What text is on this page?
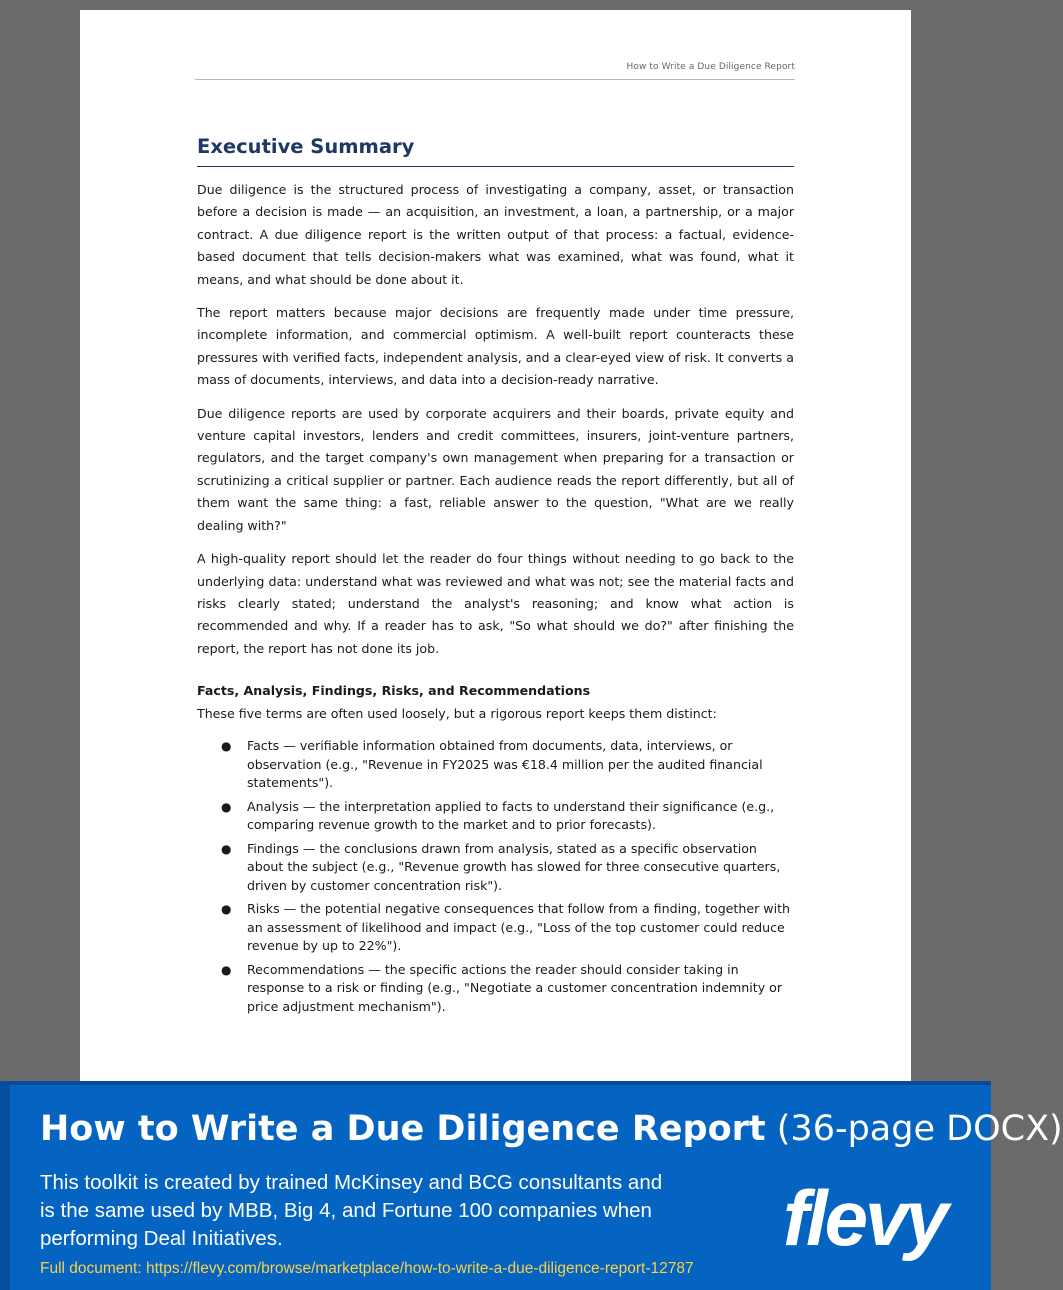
How to Write a Due Diligence Report
Executive Summary

Due diligence is the structured process of investigating a company, asset, or transaction before a decision is made — an acquisition, an investment, a loan, a partnership, or a major contract. A due diligence report is the written output of that process: a factual, evidence-based document that tells decision-makers what was examined, what was found, what it means, and what should be done about it.

The report matters because major decisions are frequently made under time pressure, incomplete information, and commercial optimism. A well-built report counteracts these pressures with verified facts, independent analysis, and a clear-eyed view of risk. It converts a mass of documents, interviews, and data into a decision-ready narrative.

Due diligence reports are used by corporate acquirers and their boards, private equity and venture capital investors, lenders and credit committees, insurers, joint-venture partners, regulators, and the target company's own management when preparing for a transaction or scrutinizing a critical supplier or partner. Each audience reads the report differently, but all of them want the same thing: a fast, reliable answer to the question, "What are we really dealing with?"

A high-quality report should let the reader do four things without needing to go back to the underlying data: understand what was reviewed and what was not; see the material facts and risks clearly stated; understand the analyst's reasoning; and know what action is recommended and why. If a reader has to ask, "So what should we do?" after finishing the report, the report has not done its job.

Facts, Analysis, Findings, Risks, and Recommendations
These five terms are often used loosely, but a rigorous report keeps them distinct:
● Facts — verifiable information obtained from documents, data, interviews, or observation (e.g., "Revenue in FY2025 was €18.4 million per the audited financial statements").
● Analysis — the interpretation applied to facts to understand their significance (e.g., comparing revenue growth to the market and to prior forecasts).
● Findings — the conclusions drawn from analysis, stated as a specific observation about the subject (e.g., "Revenue growth has slowed for three consecutive quarters, driven by customer concentration risk").
● Risks — the potential negative consequences that follow from a finding, together with an assessment of likelihood and impact (e.g., "Loss of the top customer could reduce revenue by up to 22%").
● Recommendations — the specific actions the reader should consider taking in response to a risk or finding (e.g., "Negotiate a customer concentration indemnity or price adjustment mechanism").
How to Write a Due Diligence Report (36-page DOCX)
This toolkit is created by trained McKinsey and BCG consultants and is the same used by MBB, Big 4, and Fortune 100 companies when performing Deal Initiatives.
Full document: https://flevy.com/browse/marketplace/how-to-write-a-due-diligence-report-12787
flevy
